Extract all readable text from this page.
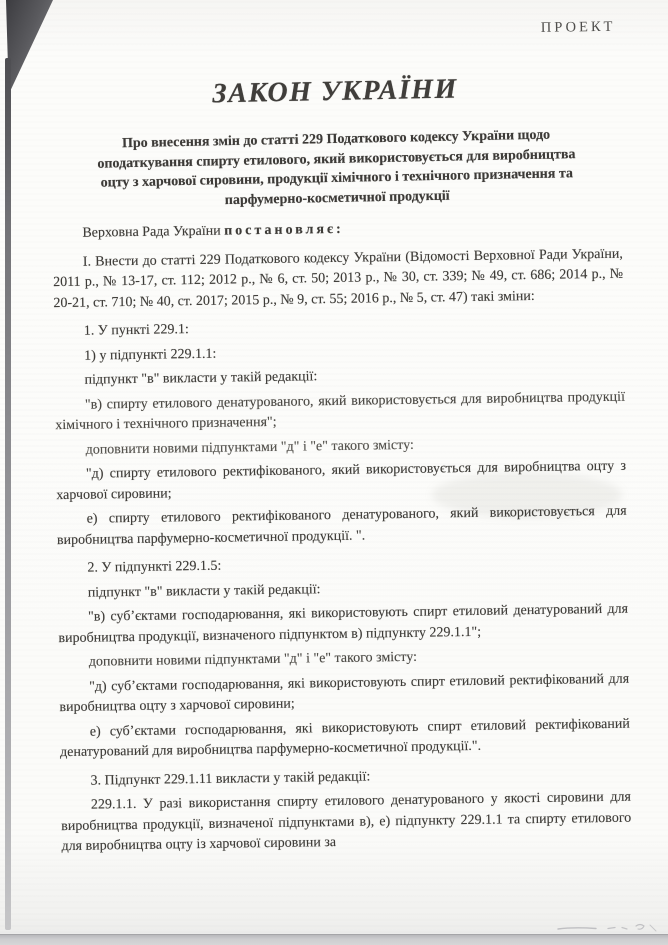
ПРОЕКТ
ЗАКОН УКРАЇНИ
Про внесення змін до статті 229 Податкового кодексу України щодо
оподаткування спирту етилового, який використовується для виробництва
оцту з харчової сировини, продукції хімічного і технічного призначення та
парфумерно-косметичної продукції

Верховна Рада України постановляє:

І. Внести до статті 229 Податкового кодексу України (Відомості Верховної Ради України, 2011 р., № 13-17, ст. 112; 2012 р., № 6, ст. 50; 2013 р., № 30, ст. 339; № 49, ст. 686; 2014 р., № 20-21, ст. 710; № 40, ст. 2017; 2015 р., № 9, ст. 55; 2016 р., № 5, ст. 47) такі зміни:

1. У пункті 229.1:

1) у підпункті 229.1.1:

підпункт "в" викласти у такій редакції:

"в) спирту етилового денатурованого, який використовується для виробництва продукції хімічного і технічного призначення";

доповнити новими підпунктами "д" і "е" такого змісту:

"д) спирту етилового ректифікованого, який використовується для виробництва оцту з харчової сировини;

е) спирту етилового ректифікованого денатурованого, який використовується для виробництва парфумерно-косметичної продукції. ".

2. У підпункті 229.1.5:

підпункт "в" викласти у такій редакції:

"в) суб’єктами господарювання, які використовують спирт етиловий денатурований для виробництва продукції, визначеного підпунктом в) підпункту 229.1.1";

доповнити новими підпунктами "д" і "е" такого змісту:

"д) суб’єктами господарювання, які використовують спирт етиловий ректифікований для виробництва оцту з харчової сировини;

е) суб’єктами господарювання, які використовують спирт етиловий ректифікований денатурований для виробництва парфумерно-косметичної продукції.".

3. Підпункт 229.1.11 викласти у такій редакції:

229.1.1. У разі використання спирту етилового денатурованого у якості сировини для виробництва продукції, визначеної підпунктами в), е) підпункту 229.1.1 та спирту етилового для виробництва оцту із харчової сировини за
